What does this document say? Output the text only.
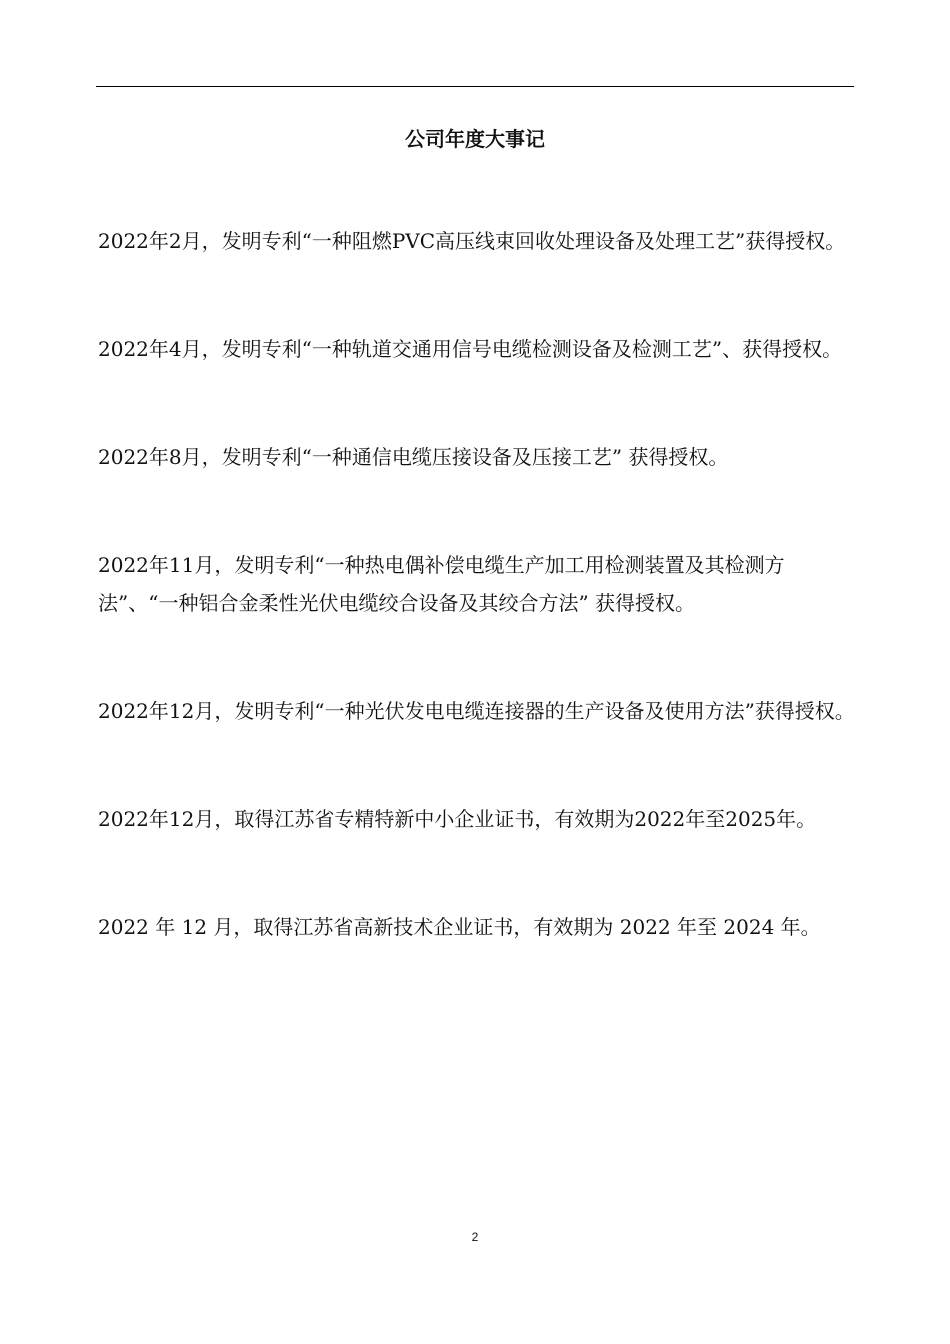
公司年度大事记
2022年2月，发明专利“一种阻燃PVC高压线束回收处理设备及处理工艺”获得授权。
2022年4月，发明专利“一种轨道交通用信号电缆检测设备及检测工艺”、获得授权。
2022年8月，发明专利“一种通信电缆压接设备及压接工艺” 获得授权。
2022年11月，发明专利“一种热电偶补偿电缆生产加工用检测装置及其检测方法”、“一种铝合金柔性光伏电缆绞合设备及其绞合方法” 获得授权。
2022年12月，发明专利“一种光伏发电电缆连接器的生产设备及使用方法”获得授权。
2022年12月，取得江苏省专精特新中小企业证书，有效期为2022年至2025年。
2022 年 12 月，取得江苏省高新技术企业证书，有效期为 2022 年至 2024 年。
2
